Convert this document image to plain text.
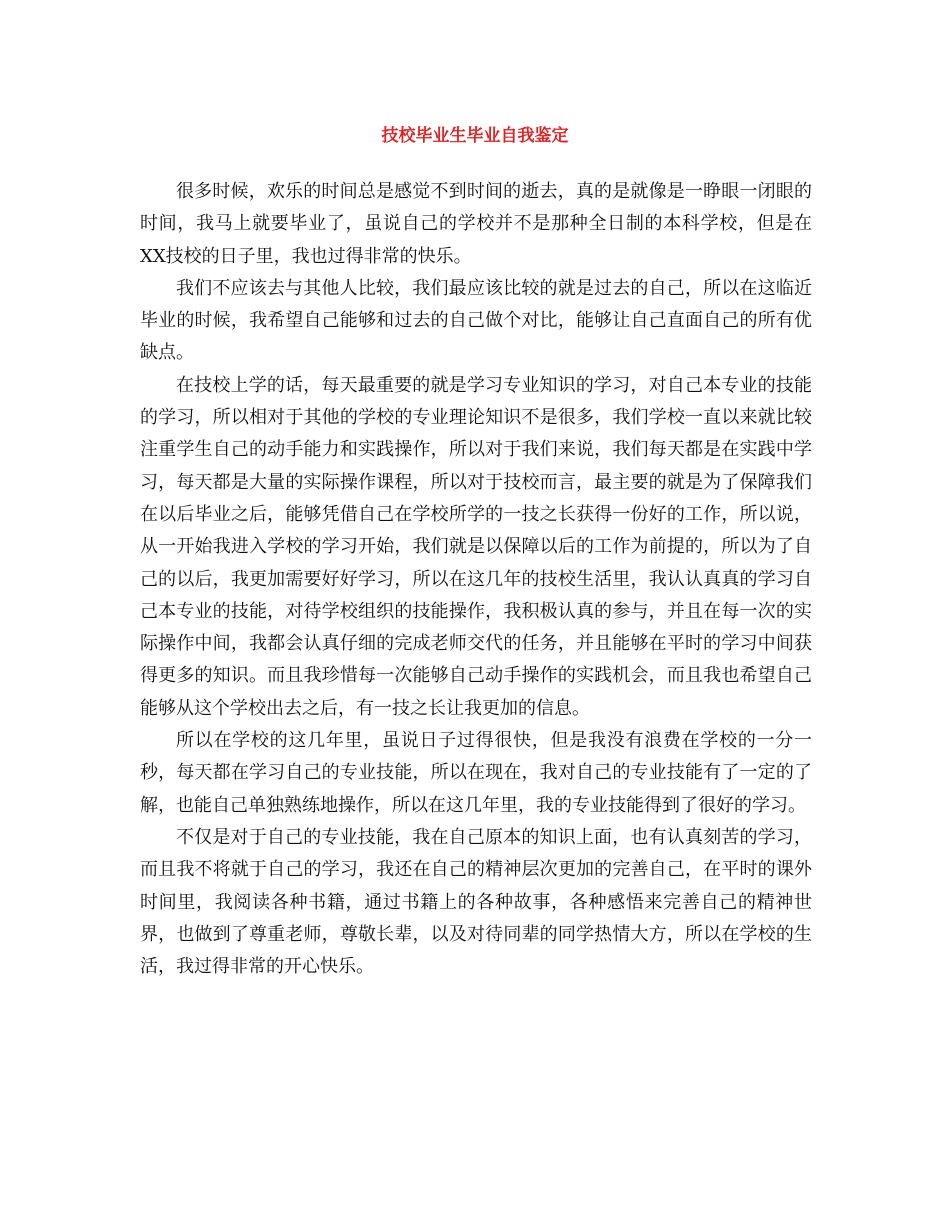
技校毕业生毕业自我鉴定

很多时候，欢乐的时间总是感觉不到时间的逝去，真的是就像是一睁眼一闭眼的时间，我马上就要毕业了，虽说自己的学校并不是那种全日制的本科学校，但是在XX技校的日子里，我也过得非常的快乐。

我们不应该去与其他人比较，我们最应该比较的就是过去的自己，所以在这临近毕业的时候，我希望自己能够和过去的自己做个对比，能够让自己直面自己的所有优缺点。

在技校上学的话，每天最重要的就是学习专业知识的学习，对自己本专业的技能的学习，所以相对于其他的学校的专业理论知识不是很多，我们学校一直以来就比较注重学生自己的动手能力和实践操作，所以对于我们来说，我们每天都是在实践中学习，每天都是大量的实际操作课程，所以对于技校而言，最主要的就是为了保障我们在以后毕业之后，能够凭借自己在学校所学的一技之长获得一份好的工作，所以说，从一开始我进入学校的学习开始，我们就是以保障以后的工作为前提的，所以为了自己的以后，我更加需要好好学习，所以在这几年的技校生活里，我认认真真的学习自己本专业的技能，对待学校组织的技能操作，我积极认真的参与，并且在每一次的实际操作中间，我都会认真仔细的完成老师交代的任务，并且能够在平时的学习中间获得更多的知识。而且我珍惜每一次能够自己动手操作的实践机会，而且我也希望自己能够从这个学校出去之后，有一技之长让我更加的信息。

所以在学校的这几年里，虽说日子过得很快，但是我没有浪费在学校的一分一秒，每天都在学习自己的专业技能，所以在现在，我对自己的专业技能有了一定的了解，也能自己单独熟练地操作，所以在这几年里，我的专业技能得到了很好的学习。

不仅是对于自己的专业技能，我在自己原本的知识上面，也有认真刻苦的学习，而且我不将就于自己的学习，我还在自己的精神层次更加的完善自己，在平时的课外时间里，我阅读各种书籍，通过书籍上的各种故事，各种感悟来完善自己的精神世界，也做到了尊重老师，尊敬长辈，以及对待同辈的同学热情大方，所以在学校的生活，我过得非常的开心快乐。
